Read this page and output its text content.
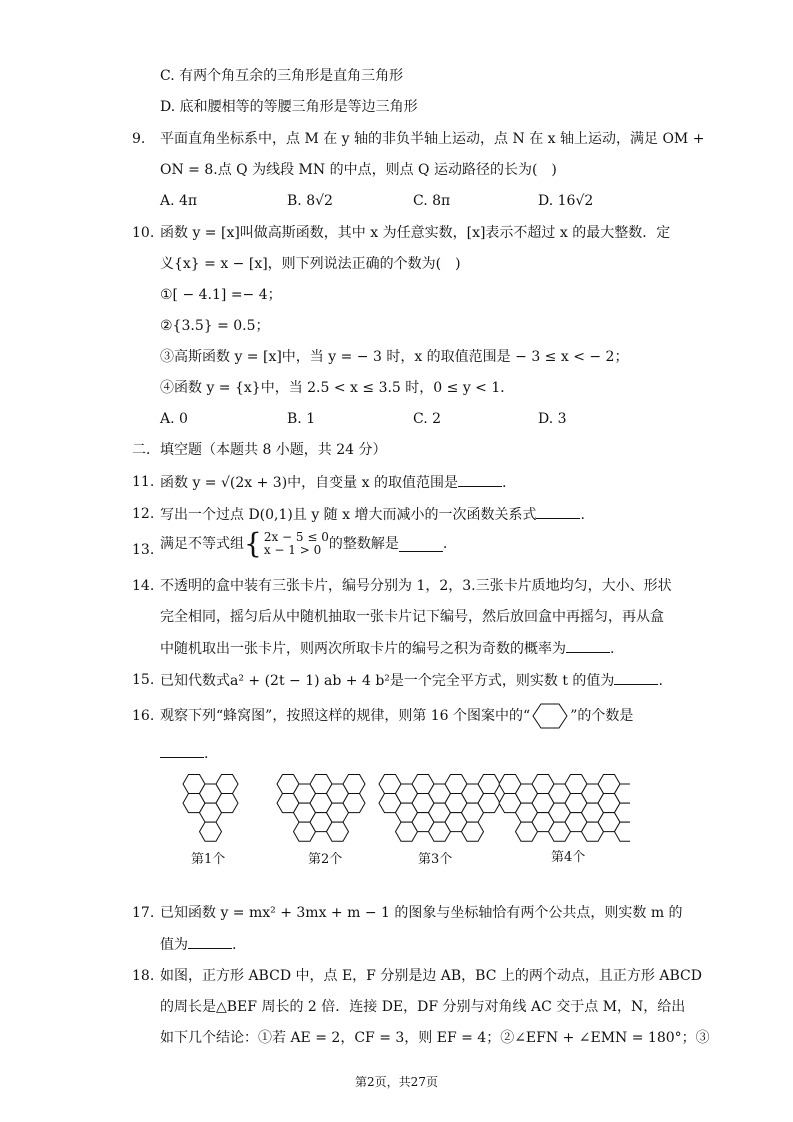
C. 有两个角互余的三角形是直角三角形
D. 底和腰相等的等腰三角形是等边三角形
9. 平面直角坐标系中，点 M 在 y 轴的非负半轴上运动，点 N 在 x 轴上运动，满足 OM +
ON = 8.点 Q 为线段 MN 的中点，则点 Q 运动路径的长为(　)
A. 4π	B. 8√2	C. 8π	D. 16√2
10. 函数 y = [x]叫做高斯函数，其中 x 为任意实数，[x]表示不超过 x 的最大整数．定
义{x} = x − [x]，则下列说法正确的个数为(　)
①[ − 4.1] =− 4；
②{3.5} = 0.5；
③高斯函数 y = [x]中，当 y = − 3 时，x 的取值范围是 − 3 ≤ x < − 2；
④函数 y = {x}中，当 2.5 < x ≤ 3.5 时，0 ≤ y < 1．
A. 0	B. 1	C. 2	D. 3
二．填空题（本题共 8 小题，共 24 分）
11. 函数 y = √(2x + 3)中，自变量 x 的取值范围是	.
12. 写出一个过点 D(0,1)且 y 随 x 增大而减小的一次函数关系式	.
13. 满足不等式组{ 2x − 5 ≤ 0
x − 1 > 0 的整数解是	.
14. 不透明的盒中装有三张卡片，编号分别为 1，2，3.三张卡片质地均匀，大小、形状
完全相同，摇匀后从中随机抽取一张卡片记下编号，然后放回盒中再摇匀，再从盒
中随机取出一张卡片，则两次所取卡片的编号之积为奇数的概率为	.
15. 已知代数式a² + (2t − 1) ab + 4 b²是一个完全平方式，则实数 t 的值为	.
16. 观察下列“蜂窝图”，按照这样的规律，则第 16 个图案中的“	”的个数是
.
第1个	第2个	第3个	第4个
17. 已知函数 y = mx² + 3mx + m − 1 的图象与坐标轴恰有两个公共点，则实数 m 的
值为	.
18. 如图，正方形 ABCD 中，点 E，F 分别是边 AB，BC 上的两个动点，且正方形 ABCD
的周长是△BEF 周长的 2 倍．连接 DE，DF 分别与对角线 AC 交于点 M，N，给出
如下几个结论：①若 AE = 2，CF = 3，则 EF = 4；②∠EFN + ∠EMN = 180°；③
第2页，共27页
